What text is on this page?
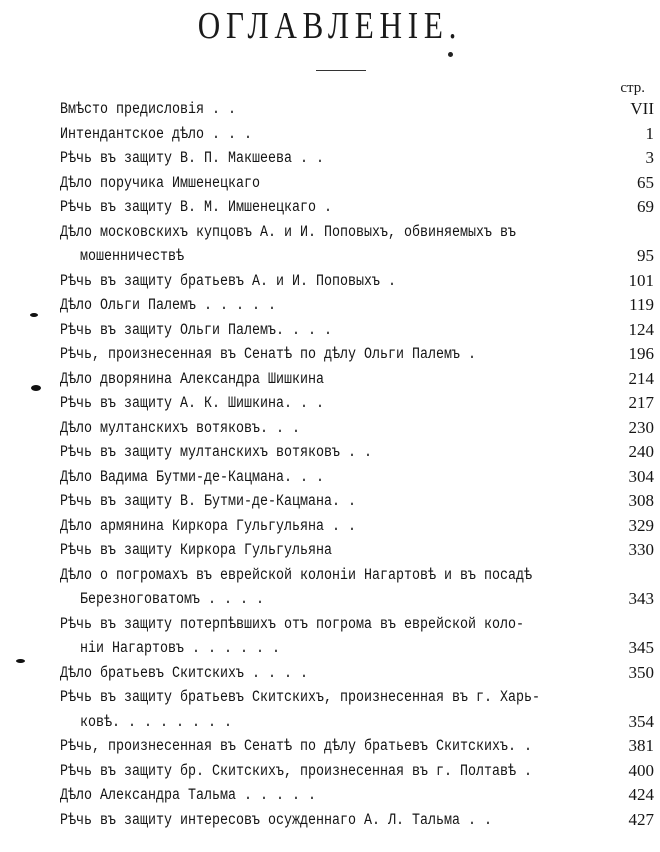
ОГЛАВЛЕНIЕ.
стр.
Вмѣсто предисловія . .	VII
Интендантское дѣло . . .	1
Рѣчь въ защиту В. П. Макшеева . .	3
Дѣло поручика Имшенецкаго	65
Рѣчь въ защиту В. М. Имшенецкаго .	69
Дѣло московскихъ купцовъ А. и И. Поповыхъ, обвиняемыхъ въ
мошенничествѣ	95
Рѣчь въ защиту братьевъ А. и И. Поповыхъ .	101
Дѣло Ольги Палемъ . . . . .	119
Рѣчь въ защиту Ольги Палемъ. . . .	124
Рѣчь, произнесенная въ Сенатѣ по дѣлу Ольги Палемъ .	196
Дѣло дворянина Александра Шишкина	214
Рѣчь въ защиту А. К. Шишкина. . .	217
Дѣло мултанскихъ вотяковъ. . .	230
Рѣчь въ защиту мултанскихъ вотяковъ . .	240
Дѣло Вадима Бутми-де-Кацмана. . .	304
Рѣчь въ защиту В. Бутми-де-Кацмана. .	308
Дѣло армянина Киркора Гульгульяна . .	329
Рѣчь въ защиту Киркора Гульгульяна	330
Дѣло о погромахъ въ еврейской колоніи Нагартовѣ и въ посадѣ
Березноговатомъ . . . .	343
Рѣчь въ защиту потерпѣвшихъ отъ погрома въ еврейской коло-
ніи Нагартовъ . . . . . .	345
Дѣло братьевъ Скитскихъ . . . .	350
Рѣчь въ защиту братьевъ Скитскихъ, произнесенная въ г. Харь-
ковѣ. . . . . . . .	354
Рѣчь, произнесенная въ Сенатѣ по дѣлу братьевъ Скитскихъ. .	381
Рѣчь въ защиту бр. Скитскихъ, произнесенная въ г. Полтавѣ .	400
Дѣло Александра Тальма . . . . .	424
Рѣчь въ защиту интересовъ осужденнаго А. Л. Тальма . .	427
